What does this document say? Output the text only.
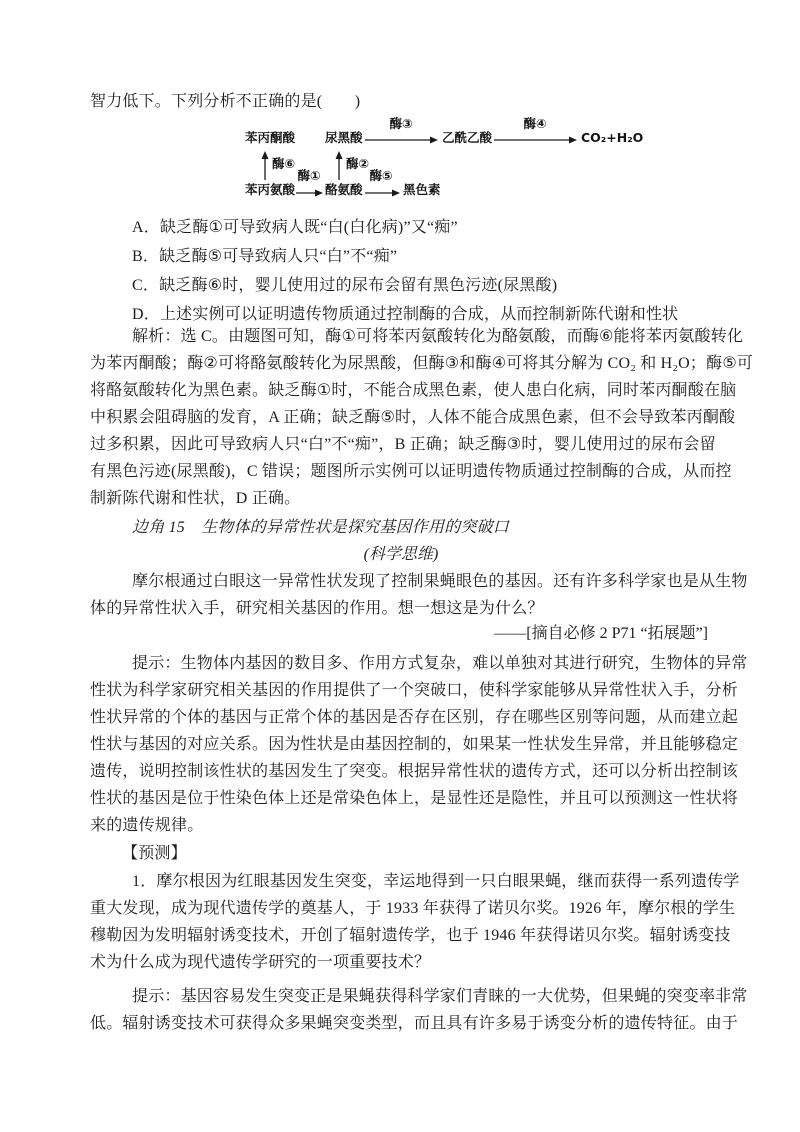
智力低下。下列分析不正确的是(　　)
苯丙酮酸 尿黑酸
酶③
乙酰乙酸
酶④
CO₂+H₂O
酶⑥	酶②
苯丙氨酸
酶①
酪氨酸
酶⑤
黑色素
A．缺乏酶①可导致病人既“白(白化病)”又“痴”
B．缺乏酶⑤可导致病人只“白”不“痴”
C．缺乏酶⑥时，婴儿使用过的尿布会留有黑色污迹(尿黑酸)
D．上述实例可以证明遗传物质通过控制酶的合成，从而控制新陈代谢和性状
解析：选 C。由题图可知，酶①可将苯丙氨酸转化为酪氨酸，而酶⑥能将苯丙氨酸转化
为苯丙酮酸；酶②可将酪氨酸转化为尿黑酸，但酶③和酶④可将其分解为 CO₂ 和 H₂O；酶⑤可
将酪氨酸转化为黑色素。缺乏酶①时，不能合成黑色素，使人患白化病，同时苯丙酮酸在脑
中积累会阻碍脑的发育，A 正确；缺乏酶⑤时，人体不能合成黑色素，但不会导致苯丙酮酸
过多积累，因此可导致病人只“白”不“痴”，B 正确；缺乏酶③时，婴儿使用过的尿布会留
有黑色污迹(尿黑酸)，C 错误；题图所示实例可以证明遗传物质通过控制酶的合成，从而控
制新陈代谢和性状，D 正确。
边角 15　生物体的异常性状是探究基因作用的突破口
(科学思维)
摩尔根通过白眼这一异常性状发现了控制果蝇眼色的基因。还有许多科学家也是从生物
体的异常性状入手，研究相关基因的作用。想一想这是为什么？
——[摘自必修 2 P71 “拓展题”]
提示：生物体内基因的数目多、作用方式复杂，难以单独对其进行研究，生物体的异常
性状为科学家研究相关基因的作用提供了一个突破口，使科学家能够从异常性状入手，分析
性状异常的个体的基因与正常个体的基因是否存在区别，存在哪些区别等问题，从而建立起
性状与基因的对应关系。因为性状是由基因控制的，如果某一性状发生异常，并且能够稳定
遗传，说明控制该性状的基因发生了突变。根据异常性状的遗传方式，还可以分析出控制该
性状的基因是位于性染色体上还是常染色体上，是显性还是隐性，并且可以预测这一性状将
来的遗传规律。
【预测】
1．摩尔根因为红眼基因发生突变，幸运地得到一只白眼果蝇，继而获得一系列遗传学
重大发现，成为现代遗传学的奠基人，于 1933 年获得了诺贝尔奖。1926 年，摩尔根的学生
穆勒因为发明辐射诱变技术，开创了辐射遗传学，也于 1946 年获得诺贝尔奖。辐射诱变技
术为什么成为现代遗传学研究的一项重要技术？
提示：基因容易发生突变正是果蝇获得科学家们青睐的一大优势，但果蝇的突变率非常
低。辐射诱变技术可获得众多果蝇突变类型，而且具有许多易于诱变分析的遗传特征。由于
